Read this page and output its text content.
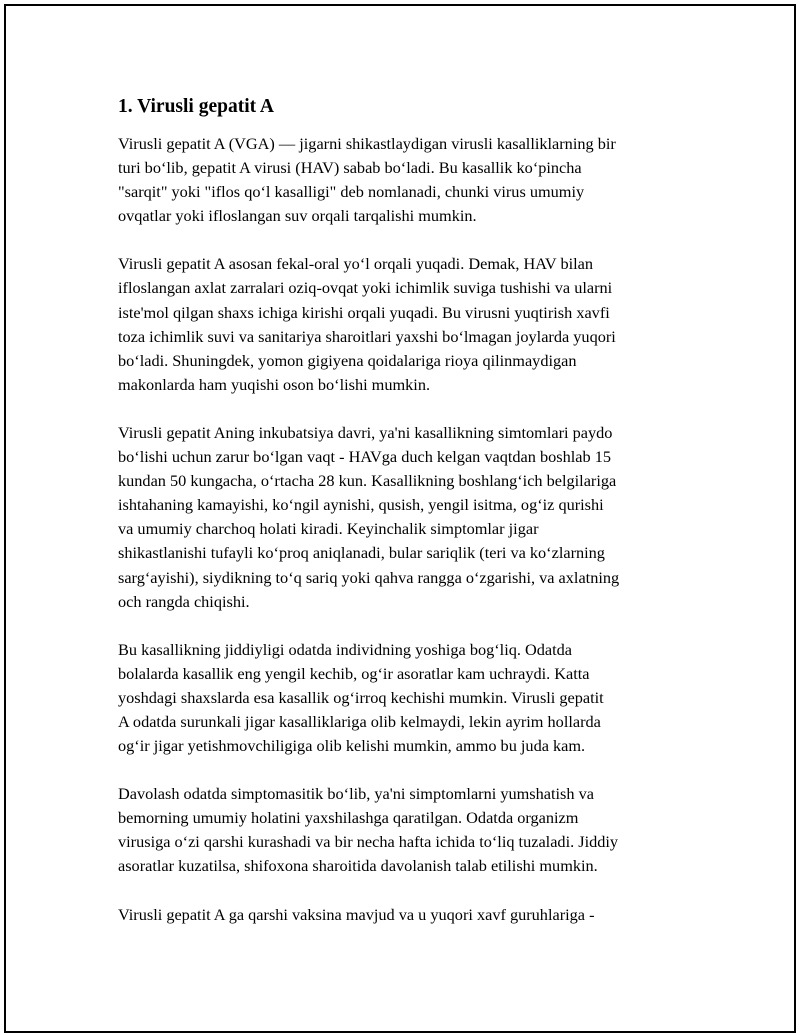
1. Virusli gepatit A

Virusli gepatit A (VGA) — jigarni shikastlaydigan virusli kasalliklarning bir
turi bo‘lib, gepatit A virusi (HAV) sabab bo‘ladi. Bu kasallik ko‘pincha
"sarqit" yoki "iflos qo‘l kasalligi" deb nomlanadi, chunki virus umumiy
ovqatlar yoki ifloslangan suv orqali tarqalishi mumkin.

Virusli gepatit A asosan fekal-oral yo‘l orqali yuqadi. Demak, HAV bilan
ifloslangan axlat zarralari oziq-ovqat yoki ichimlik suviga tushishi va ularni
iste'mol qilgan shaxs ichiga kirishi orqali yuqadi. Bu virusni yuqtirish xavfi
toza ichimlik suvi va sanitariya sharoitlari yaxshi bo‘lmagan joylarda yuqori
bo‘ladi. Shuningdek, yomon gigiyena qoidalariga rioya qilinmaydigan
makonlarda ham yuqishi oson bo‘lishi mumkin.

Virusli gepatit Aning inkubatsiya davri, ya'ni kasallikning simtomlari paydo
bo‘lishi uchun zarur bo‘lgan vaqt - HAVga duch kelgan vaqtdan boshlab 15
kundan 50 kungacha, o‘rtacha 28 kun. Kasallikning boshlang‘ich belgilariga
ishtahaning kamayishi, ko‘ngil aynishi, qusish, yengil isitma, og‘iz qurishi
va umumiy charchoq holati kiradi. Keyinchalik simptomlar jigar
shikastlanishi tufayli ko‘proq aniqlanadi, bular sariqlik (teri va ko‘zlarning
sarg‘ayishi), siydikning to‘q sariq yoki qahva rangga o‘zgarishi, va axlatning
och rangda chiqishi.

Bu kasallikning jiddiyligi odatda individning yoshiga bog‘liq. Odatda
bolalarda kasallik eng yengil kechib, og‘ir asoratlar kam uchraydi. Katta
yoshdagi shaxslarda esa kasallik og‘irroq kechishi mumkin. Virusli gepatit
A odatda surunkali jigar kasalliklariga olib kelmaydi, lekin ayrim hollarda
og‘ir jigar yetishmovchiligiga olib kelishi mumkin, ammo bu juda kam.

Davolash odatda simptomasitik bo‘lib, ya'ni simptomlarni yumshatish va
bemorning umumiy holatini yaxshilashga qaratilgan. Odatda organizm
virusiga o‘zi qarshi kurashadi va bir necha hafta ichida to‘liq tuzaladi. Jiddiy
asoratlar kuzatilsa, shifoxona sharoitida davolanish talab etilishi mumkin.

Virusli gepatit A ga qarshi vaksina mavjud va u yuqori xavf guruhlariga -
